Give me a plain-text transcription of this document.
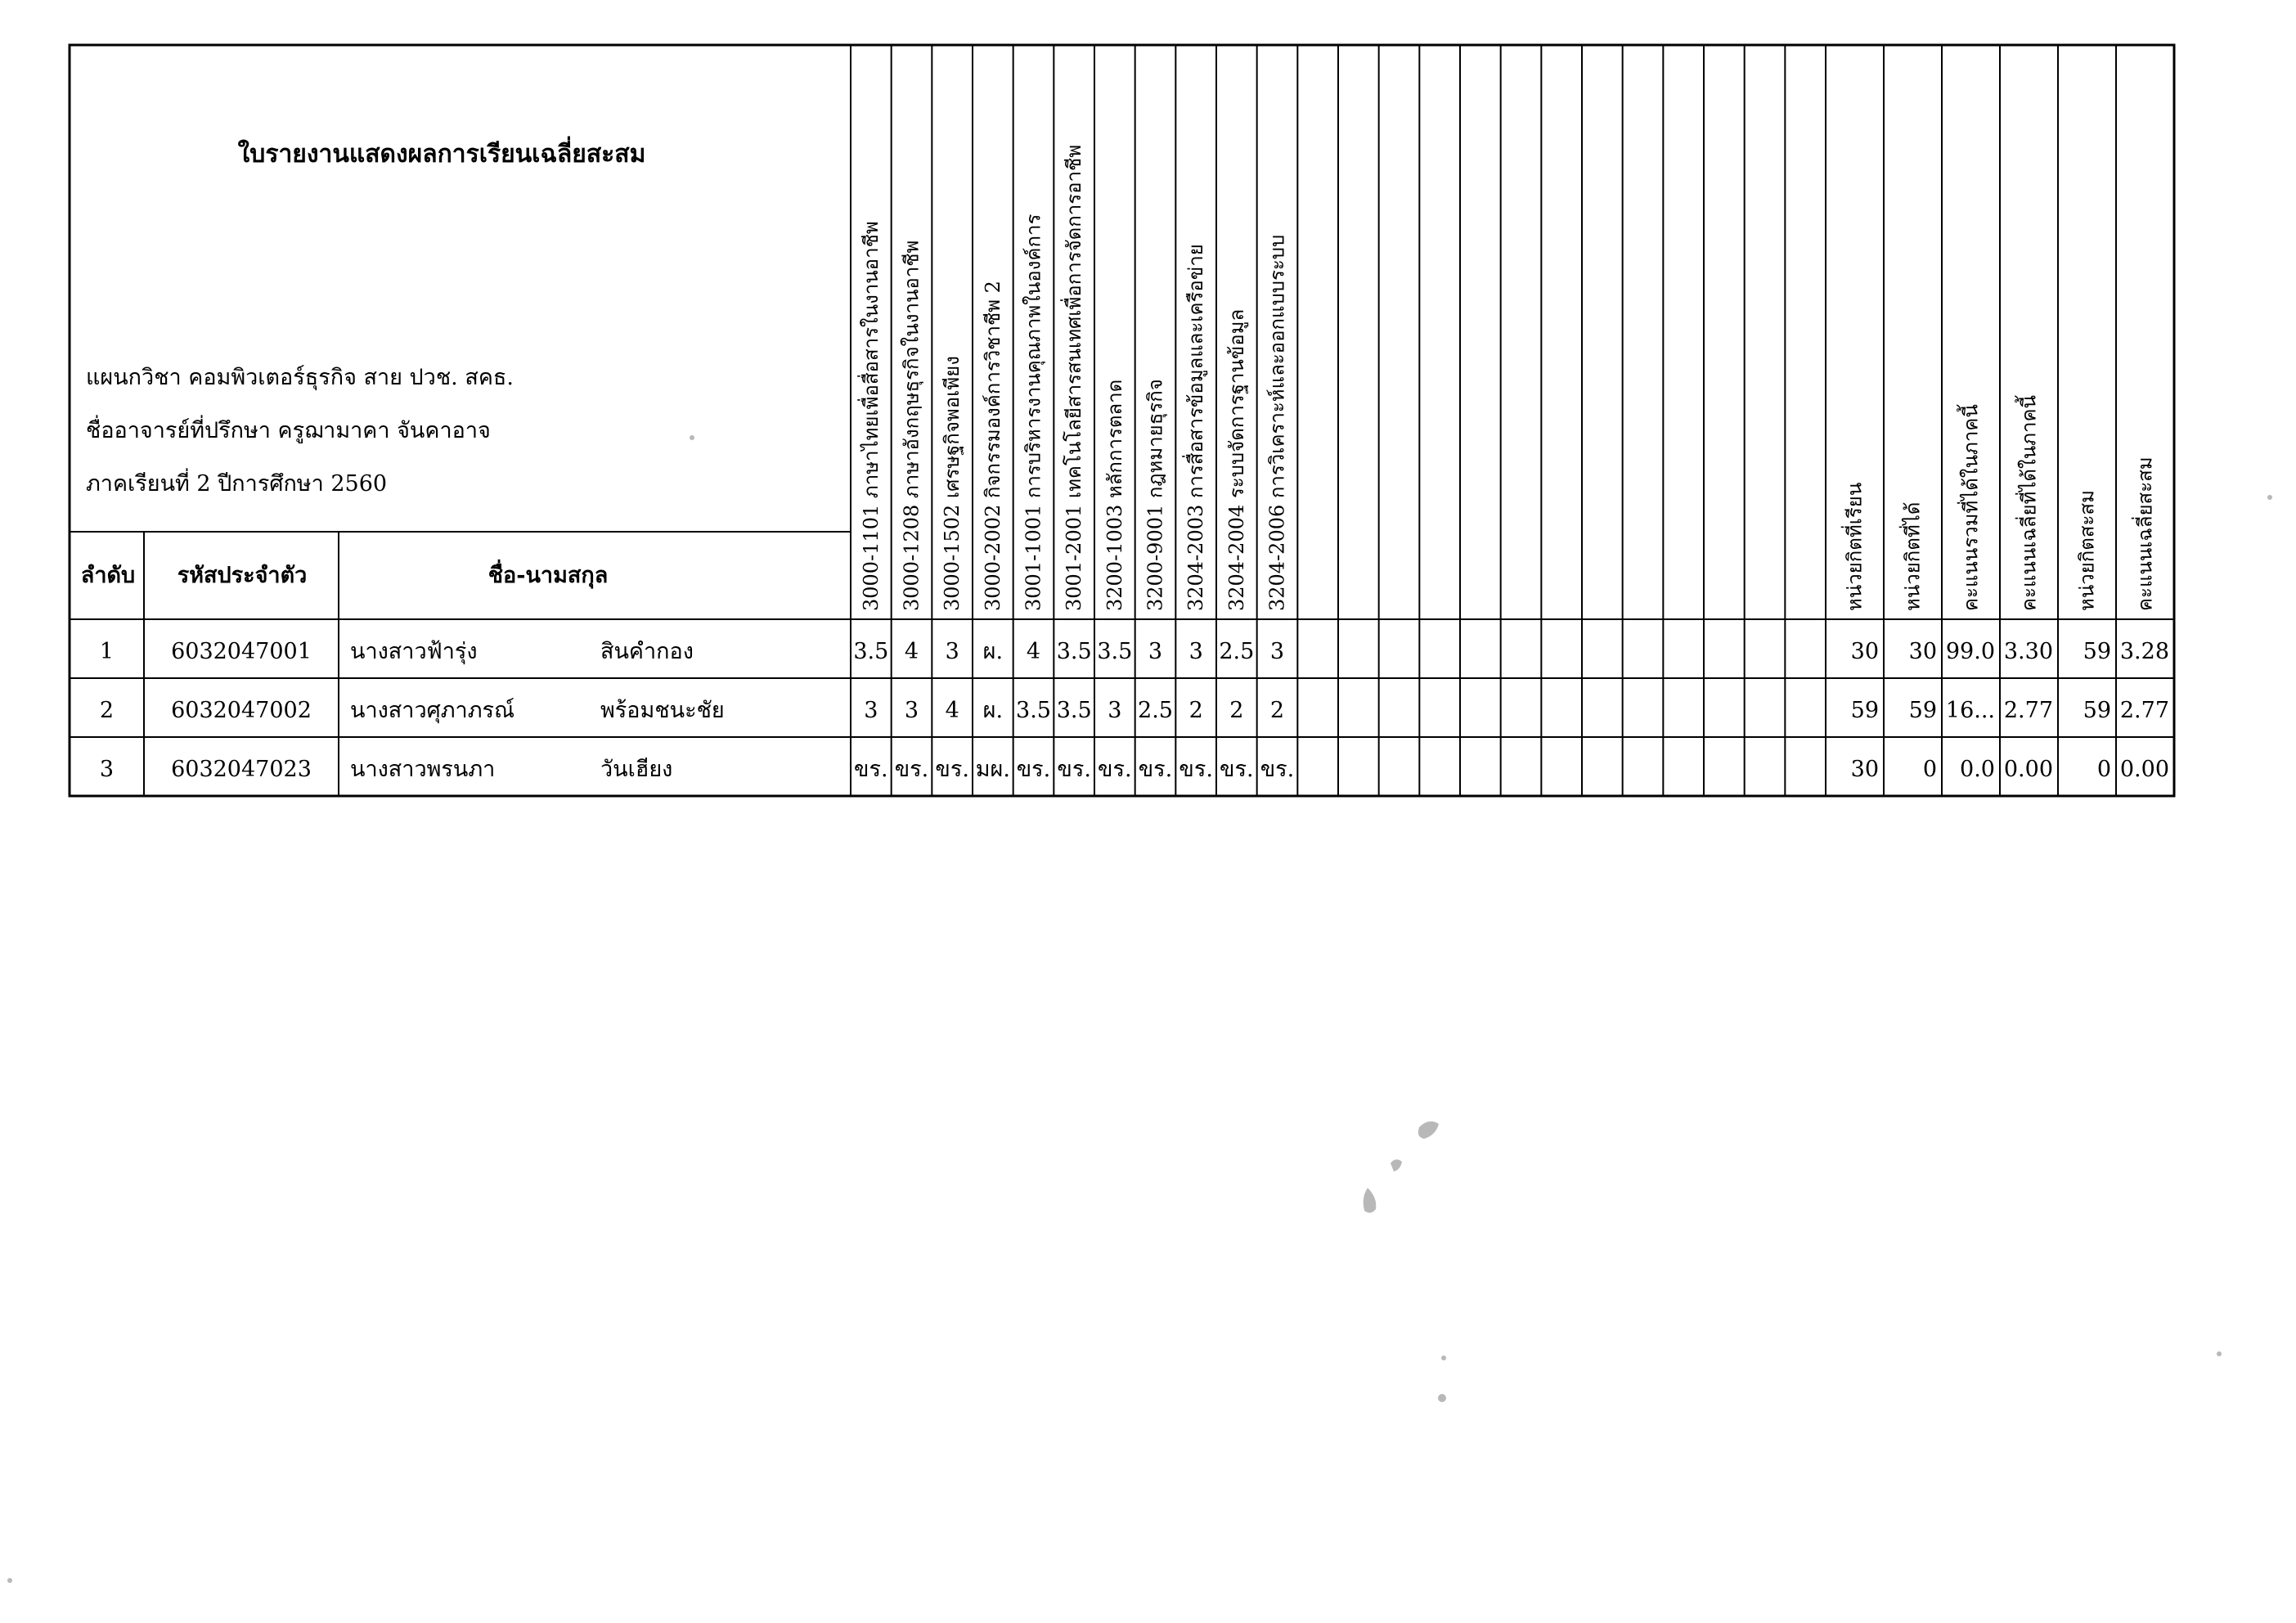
ใบรายงานแสดงผลการเรียนเฉลี่ยสะสม
แผนกวิชา คอมพิวเตอร์ธุรกิจ สาย ปวช. สคธ.
ชื่ออาจารย์ที่ปรึกษา ครูฌามาคา จันคาอาจ
ภาคเรียนที่ 2 ปีการศึกษา 2560
ลำดับ รหัสประจำตัว	ชื่อ-นามสกุล	3000-1101 ภาษาไทยเพื่อสื่อสารในงานอาชีพ 3000-1208 ภาษาอังกฤษธุรกิจในงานอาชีพ 3000-1502 เศรษฐกิจพอเพียง 3000-2002 กิจกรรมองค์การวิชาชีพ 2 3001-1001 การบริหารงานคุณภาพในองค์การ 3001-2001 เทคโนโลยีสารสนเทศเพื่อการจัดการอาชีพ 3200-1003 หลักการตลาด 3200-9001 กฎหมายธุรกิจ 3204-2003 การสื่อสารข้อมูลและเครือข่าย 3204-2004 ระบบจัดการฐานข้อมูล 3204-2006 การวิเคราะห์และออกแบบระบบ	หน่วยกิตที่เรียน หน่วยกิตที่ได้ คะแนนรวมที่ได้ในภาคนี้ คะแนนเฉลี่ยที่ได้ในภาคนี้ หน่วยกิตสะสม คะแนนเฉลี่ยสะสม
1	6032047001 นางสาวฟ้ารุ่ง	สินคำกอง	3.5 4 3 ผ. 4 3.5 3.5 3 3 2.5 3	30 30 99.0 3.30 59 3.28
2	6032047002 นางสาวศุภาภรณ์	พร้อมชนะชัย	3 3 4 ผ. 3.5 3.5 3 2.5 2 2 2	59 59 16... 2.77 59 2.77
3	6032047023 นางสาวพรนภา	วันเฮียง	ขร. ขร. ขร. มผ. ขร. ขร. ขร. ขร. ขร. ขร. ขร.	30 0 0.0 0.00 0 0.00
